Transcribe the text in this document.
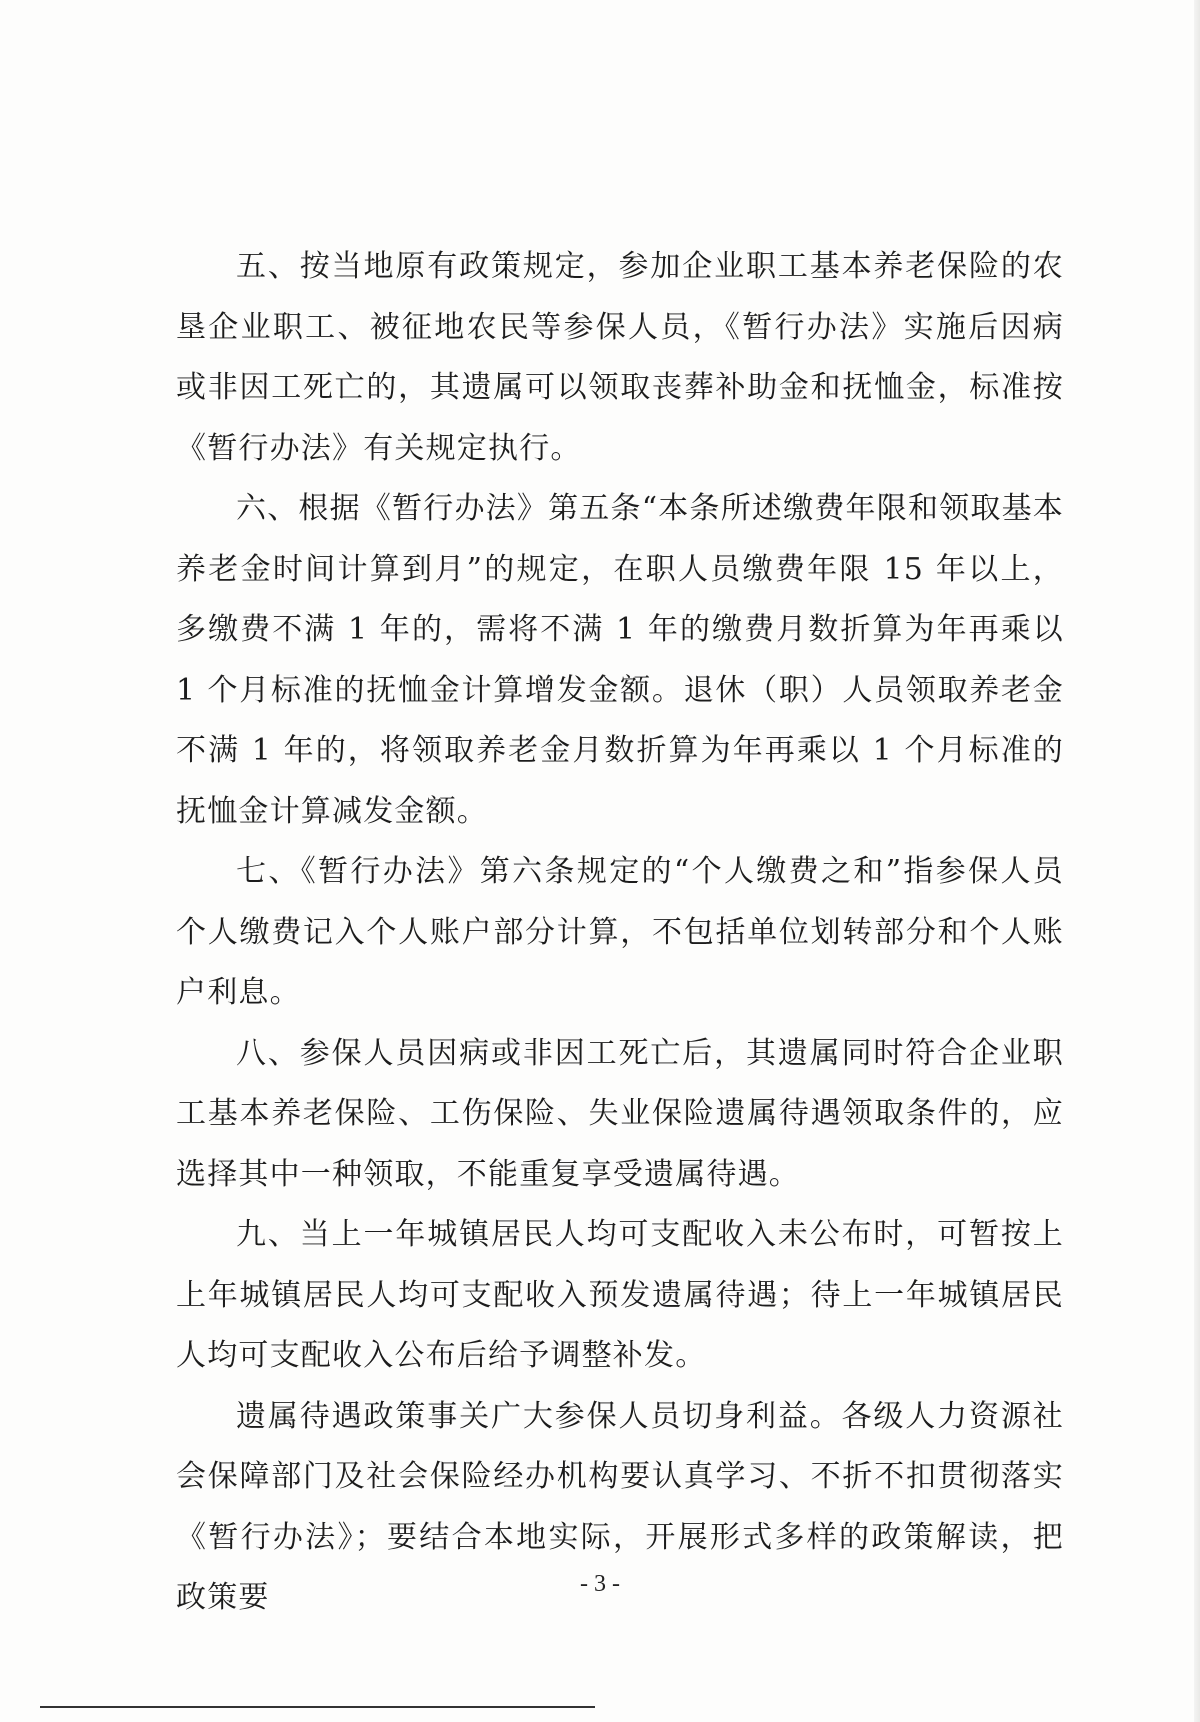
五、按当地原有政策规定，参加企业职工基本养老保险的农垦企业职工、被征地农民等参保人员，《暂行办法》实施后因病或非因工死亡的，其遗属可以领取丧葬补助金和抚恤金，标准按《暂行办法》有关规定执行。

六、根据《暂行办法》第五条“本条所述缴费年限和领取基本养老金时间计算到月”的规定，在职人员缴费年限 15 年以上，多缴费不满 1 年的，需将不满 1 年的缴费月数折算为年再乘以 1 个月标准的抚恤金计算增发金额。退休（职）人员领取养老金不满 1 年的，将领取养老金月数折算为年再乘以 1 个月标准的抚恤金计算减发金额。

七、《暂行办法》第六条规定的“个人缴费之和”指参保人员个人缴费记入个人账户部分计算，不包括单位划转部分和个人账户利息。

八、参保人员因病或非因工死亡后，其遗属同时符合企业职工基本养老保险、工伤保险、失业保险遗属待遇领取条件的，应选择其中一种领取，不能重复享受遗属待遇。

九、当上一年城镇居民人均可支配收入未公布时，可暂按上上年城镇居民人均可支配收入预发遗属待遇；待上一年城镇居民人均可支配收入公布后给予调整补发。

遗属待遇政策事关广大参保人员切身利益。各级人力资源社会保障部门及社会保险经办机构要认真学习、不折不扣贯彻落实《暂行办法》；要结合本地实际，开展形式多样的政策解读，把政策要	- 3 -
